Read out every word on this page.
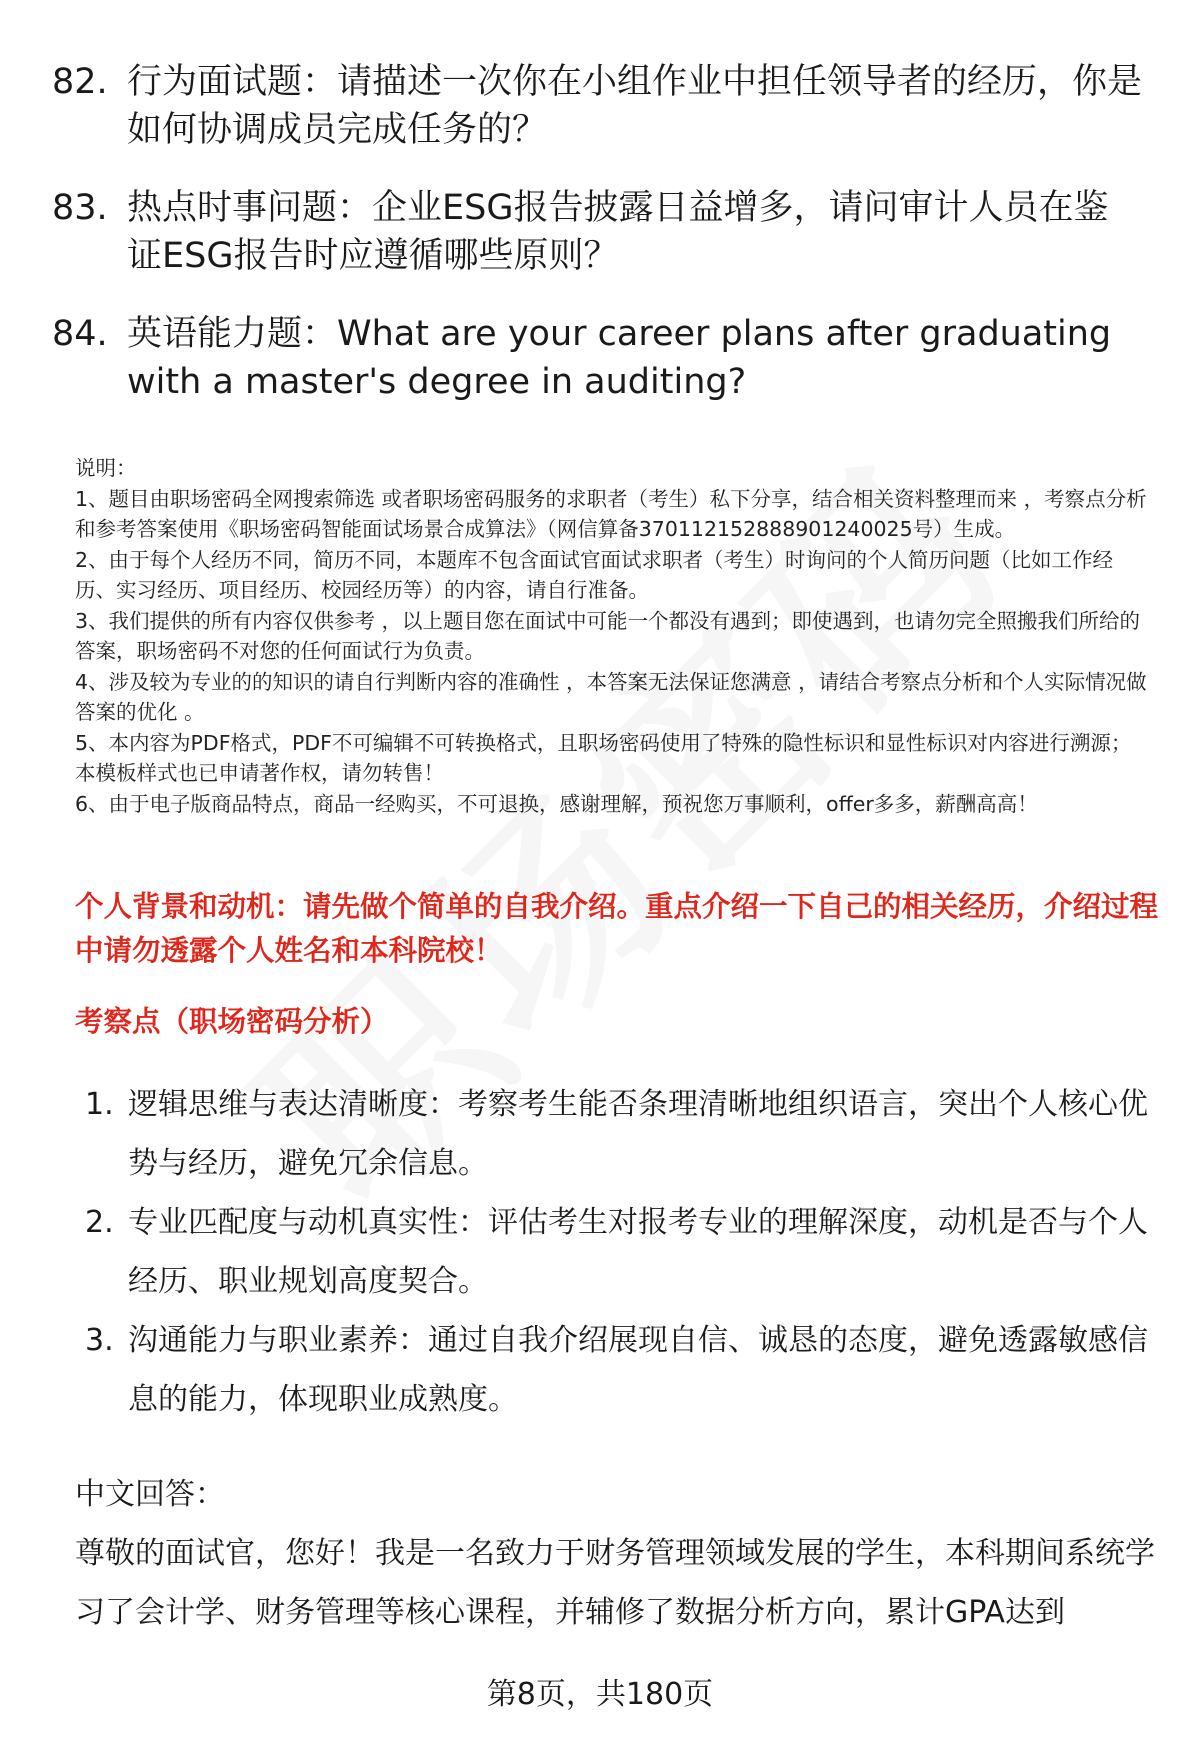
82. 行为面试题：请描述一次你在小组作业中担任领导者的经历，你是如何协调成员完成任务的？
83. 热点时事问题：企业ESG报告披露日益增多，请问审计人员在鉴证ESG报告时应遵循哪些原则？
84. 英语能力题：What are your career plans after graduating with a master's degree in auditing?

说明：

1、题目由职场密码全网搜索筛选 或者职场密码服务的求职者（考生）私下分享，结合相关资料整理而来 ，考察点分析和参考答案使用《职场密码智能面试场景合成算法》（网信算备370112152888901240025号）生成。

2、由于每个人经历不同，简历不同，本题库不包含面试官面试求职者（考生）时询问的个人简历问题（比如工作经历、实习经历、项目经历、校园经历等）的内容，请自行准备。

3、我们提供的所有内容仅供参考 ，以上题目您在面试中可能一个都没有遇到；即使遇到，也请勿完全照搬我们所给的答案，职场密码不对您的任何面试行为负责。

4、涉及较为专业的的知识的请自行判断内容的准确性 ，本答案无法保证您满意 ，请结合考察点分析和个人实际情况做答案的优化 。

5、本内容为PDF格式，PDF不可编辑不可转换格式，且职场密码使用了特殊的隐性标识和显性标识对内容进行溯源；本模板样式也已申请著作权，请勿转售！

6、由于电子版商品特点，商品一经购买，不可退换，感谢理解，预祝您万事顺利，offer多多，薪酬高高！

个人背景和动机：请先做个简单的自我介绍。重点介绍一下自己的相关经历，介绍过程中请勿透露个人姓名和本科院校！
考察点（职场密码分析）
1. 逻辑思维与表达清晰度：考察考生能否条理清晰地组织语言，突出个人核心优势与经历，避免冗余信息。
2. 专业匹配度与动机真实性：评估考生对报考专业的理解深度，动机是否与个人经历、职业规划高度契合。
3. 沟通能力与职业素养：通过自我介绍展现自信、诚恳的态度，避免透露敏感信息的能力，体现职业成熟度。

中文回答：

尊敬的面试官，您好！我是一名致力于财务管理领域发展的学生，本科期间系统学习了会计学、财务管理等核心课程，并辅修了数据分析方向，累计GPA达到

第8页，共180页
